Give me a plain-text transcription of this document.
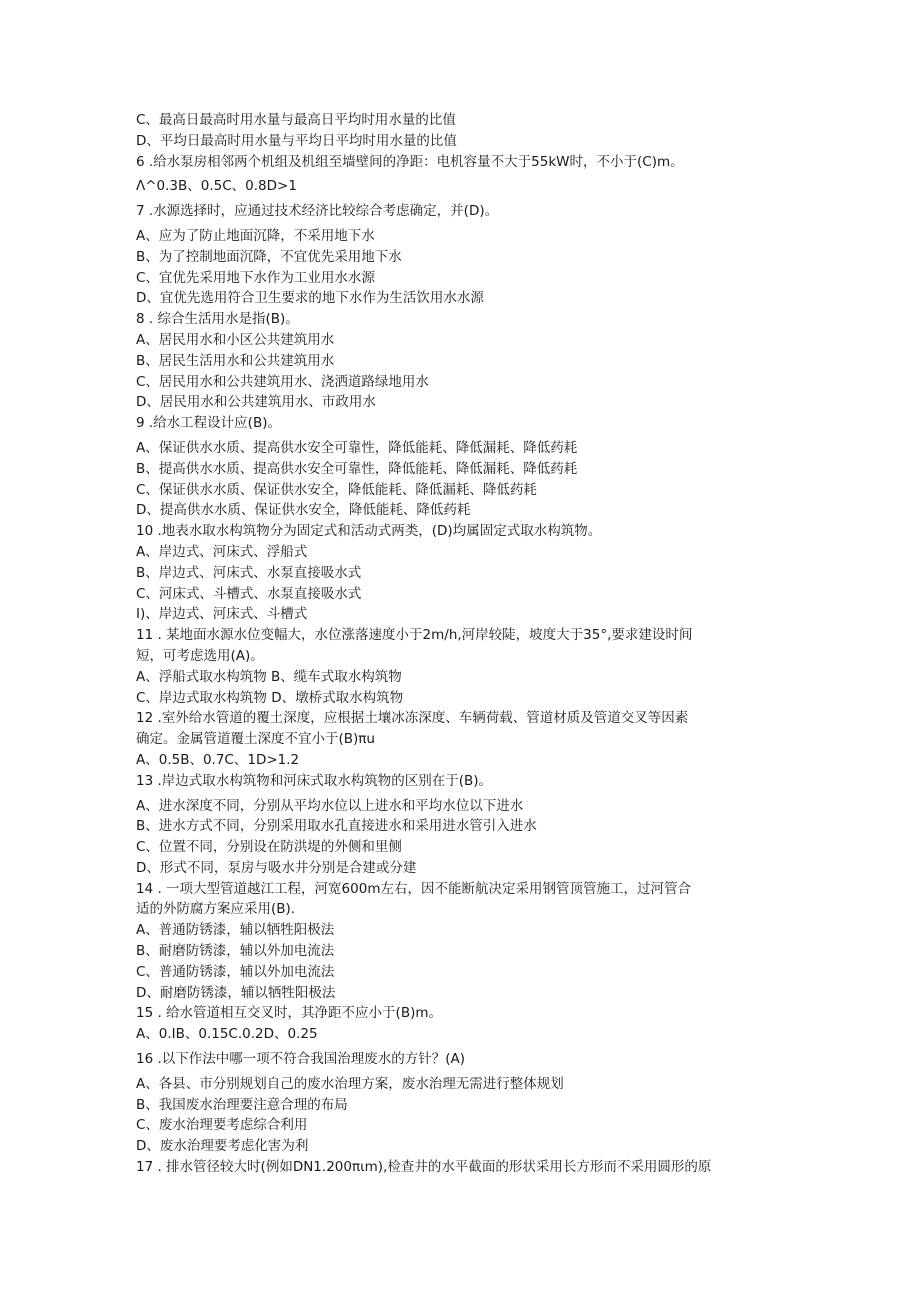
C、最高日最高时用水量与最高日平均时用水量的比值
D、平均日最高时用水量与平均日平均时用水量的比值
6 .给水泵房相邻两个机组及机组至墙壁间的净距：电机容量不大于55kW时，不小于(C)m。
Λ^0.3B、0.5C、0.8D>1
7 .水源选择时，应通过技术经济比较综合考虑确定，并(D)。
A、应为了防止地面沉降，不采用地下水
B、为了控制地面沉降，不宜优先采用地下水
C、宜优先采用地下水作为工业用水水源
D、宜优先选用符合卫生要求的地下水作为生活饮用水水源
8 . 综合生活用水是指(B)。
A、居民用水和小区公共建筑用水
B、居民生活用水和公共建筑用水
C、居民用水和公共建筑用水、浇洒道路绿地用水
D、居民用水和公共建筑用水、市政用水
9 .给水工程设计应(B)。
A、保证供水水质、提高供水安全可靠性，降低能耗、降低漏耗、降低药耗
B、提高供水水质、提高供水安全可靠性，降低能耗、降低漏耗、降低药耗
C、保证供水水质、保证供水安全，降低能耗、降低漏耗、降低药耗
D、提高供水水质、保证供水安全，降低能耗、降低药耗
10 .地表水取水构筑物分为固定式和活动式两类，(D)均属固定式取水构筑物。
A、岸边式、河床式、浮船式
B、岸边式、河床式、水泵直接吸水式
C、河床式、斗槽式、水泵直接吸水式
I)、岸边式、河床式、斗槽式
11 . 某地面水源水位变幅大，水位涨落速度小于2m∕h,河岸较陡，坡度大于35°,要求建设时间
短，可考虑选用(A)。
A、浮船式取水构筑物 B、缆车式取水构筑物
C、岸边式取水构筑物 D、墩桥式取水构筑物
12 .室外给水管道的覆土深度，应根据土壤冰冻深度、车辆荷载、管道材质及管道交叉等因素
确定。金属管道覆土深度不宜小于(B)πu
A、0.5B、0.7C、1D>1.2
13 .岸边式取水构筑物和河床式取水构筑物的区别在于(B)。
A、进水深度不同，分别从平均水位以上进水和平均水位以下进水
B、进水方式不同，分别采用取水孔直接进水和采用进水管引入进水
C、位置不同，分别设在防洪堤的外侧和里侧
D、形式不同，泵房与吸水井分别是合建或分建
14 . 一项大型管道越江工程，河宽600m左右，因不能断航决定采用钢管顶管施工，过河管合
适的外防腐方案应采用(B).
A、普通防锈漆，辅以牺牲阳极法
B、耐磨防锈漆，辅以外加电流法
C、普通防锈漆，辅以外加电流法
D、耐磨防锈漆，辅以牺牲阳极法
15 . 给水管道相互交叉时，其净距不应小于(B)m。
A、0.IB、0.15C.0.2D、0.25
16 .以下作法中哪一项不符合我国治理废水的方针？(A)
A、各县、市分别规划自己的废水治理方案，废水治理无需进行整体规划
B、我国废水治理要注意合理的布局
C、废水治理要考虑综合利用
D、废水治理要考虑化害为利
17 . 排水管径较大时(例如DN1.200πιm),检查井的水平截面的形状采用长方形而不采用圆形的原
